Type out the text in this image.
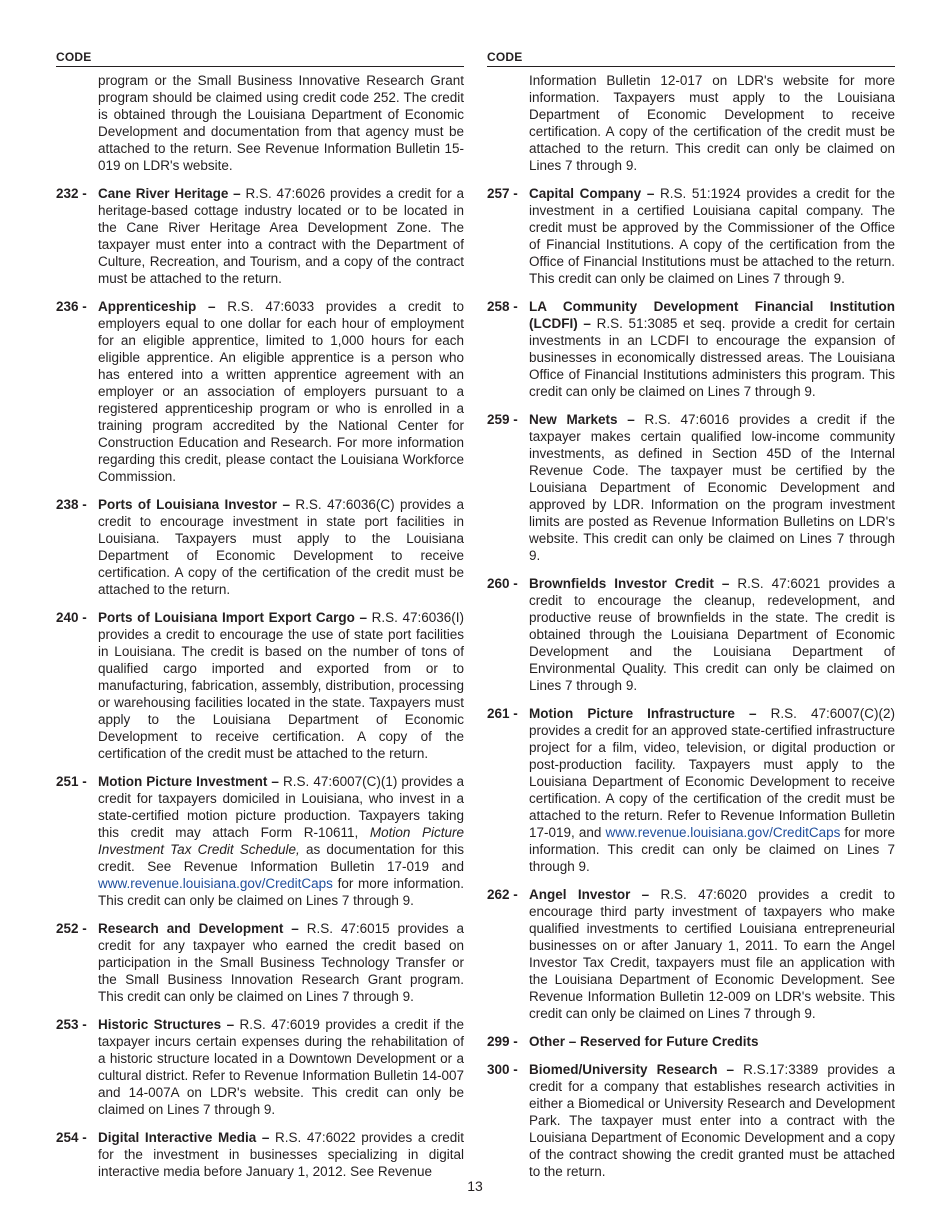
CODE
program or the Small Business Innovative Research Grant program should be claimed using credit code 252. The credit is obtained through the Louisiana Department of Economic Development and documentation from that agency must be attached to the return. See Revenue Information Bulletin 15-019 on LDR's website.
232 - Cane River Heritage – R.S. 47:6026 provides a credit for a heritage-based cottage industry located or to be located in the Cane River Heritage Area Development Zone. The taxpayer must enter into a contract with the Department of Culture, Recreation, and Tourism, and a copy of the contract must be attached to the return.
236 - Apprenticeship – R.S. 47:6033 provides a credit to employers equal to one dollar for each hour of employment for an eligible apprentice, limited to 1,000 hours for each eligible apprentice. An eligible apprentice is a person who has entered into a written apprentice agreement with an employer or an association of employers pursuant to a registered apprenticeship program or who is enrolled in a training program accredited by the National Center for Construction Education and Research. For more information regarding this credit, please contact the Louisiana Workforce Commission.
238 - Ports of Louisiana Investor – R.S. 47:6036(C) provides a credit to encourage investment in state port facilities in Louisiana. Taxpayers must apply to the Louisiana Department of Economic Development to receive certification. A copy of the certification of the credit must be attached to the return.
240 - Ports of Louisiana Import Export Cargo – R.S. 47:6036(I) provides a credit to encourage the use of state port facilities in Louisiana. The credit is based on the number of tons of qualified cargo imported and exported from or to manufacturing, fabrication, assembly, distribution, processing or warehousing facilities located in the state. Taxpayers must apply to the Louisiana Department of Economic Development to receive certification. A copy of the certification of the credit must be attached to the return.
251 - Motion Picture Investment – R.S. 47:6007(C)(1) provides a credit for taxpayers domiciled in Louisiana, who invest in a state-certified motion picture production. Taxpayers taking this credit may attach Form R-10611, Motion Picture Investment Tax Credit Schedule, as documentation for this credit. See Revenue Information Bulletin 17-019 and www.revenue.louisiana.gov/CreditCaps for more information. This credit can only be claimed on Lines 7 through 9.
252 - Research and Development – R.S. 47:6015 provides a credit for any taxpayer who earned the credit based on participation in the Small Business Technology Transfer or the Small Business Innovation Research Grant program. This credit can only be claimed on Lines 7 through 9.
253 - Historic Structures – R.S. 47:6019 provides a credit if the taxpayer incurs certain expenses during the rehabilitation of a historic structure located in a Downtown Development or a cultural district. Refer to Revenue Information Bulletin 14-007 and 14-007A on LDR's website. This credit can only be claimed on Lines 7 through 9.
254 - Digital Interactive Media – R.S. 47:6022 provides a credit for the investment in businesses specializing in digital interactive media before January 1, 2012. See Revenue
CODE
Information Bulletin 12-017 on LDR's website for more information. Taxpayers must apply to the Louisiana Department of Economic Development to receive certification. A copy of the certification of the credit must be attached to the return. This credit can only be claimed on Lines 7 through 9.
257 - Capital Company – R.S. 51:1924 provides a credit for the investment in a certified Louisiana capital company. The credit must be approved by the Commissioner of the Office of Financial Institutions. A copy of the certification from the Office of Financial Institutions must be attached to the return. This credit can only be claimed on Lines 7 through 9.
258 - LA Community Development Financial Institution (LCDFI) – R.S. 51:3085 et seq. provide a credit for certain investments in an LCDFI to encourage the expansion of businesses in economically distressed areas. The Louisiana Office of Financial Institutions administers this program. This credit can only be claimed on Lines 7 through 9.
259 - New Markets – R.S. 47:6016 provides a credit if the taxpayer makes certain qualified low-income community investments, as defined in Section 45D of the Internal Revenue Code. The taxpayer must be certified by the Louisiana Department of Economic Development and approved by LDR. Information on the program investment limits are posted as Revenue Information Bulletins on LDR's website. This credit can only be claimed on Lines 7 through 9.
260 - Brownfields Investor Credit – R.S. 47:6021 provides a credit to encourage the cleanup, redevelopment, and productive reuse of brownfields in the state. The credit is obtained through the Louisiana Department of Economic Development and the Louisiana Department of Environmental Quality. This credit can only be claimed on Lines 7 through 9.
261 - Motion Picture Infrastructure – R.S. 47:6007(C)(2) provides a credit for an approved state-certified infrastructure project for a film, video, television, or digital production or post-production facility. Taxpayers must apply to the Louisiana Department of Economic Development to receive certification. A copy of the certification of the credit must be attached to the return. Refer to Revenue Information Bulletin 17-019, and www.revenue.louisiana.gov/CreditCaps for more information. This credit can only be claimed on Lines 7 through 9.
262 - Angel Investor – R.S. 47:6020 provides a credit to encourage third party investment of taxpayers who make qualified investments to certified Louisiana entrepreneurial businesses on or after January 1, 2011. To earn the Angel Investor Tax Credit, taxpayers must file an application with the Louisiana Department of Economic Development. See Revenue Information Bulletin 12-009 on LDR's website. This credit can only be claimed on Lines 7 through 9.
299 - Other – Reserved for Future Credits
300 - Biomed/University Research – R.S.17:3389 provides a credit for a company that establishes research activities in either a Biomedical or University Research and Development Park. The taxpayer must enter into a contract with the Louisiana Department of Economic Development and a copy of the contract showing the credit granted must be attached to the return.
13
